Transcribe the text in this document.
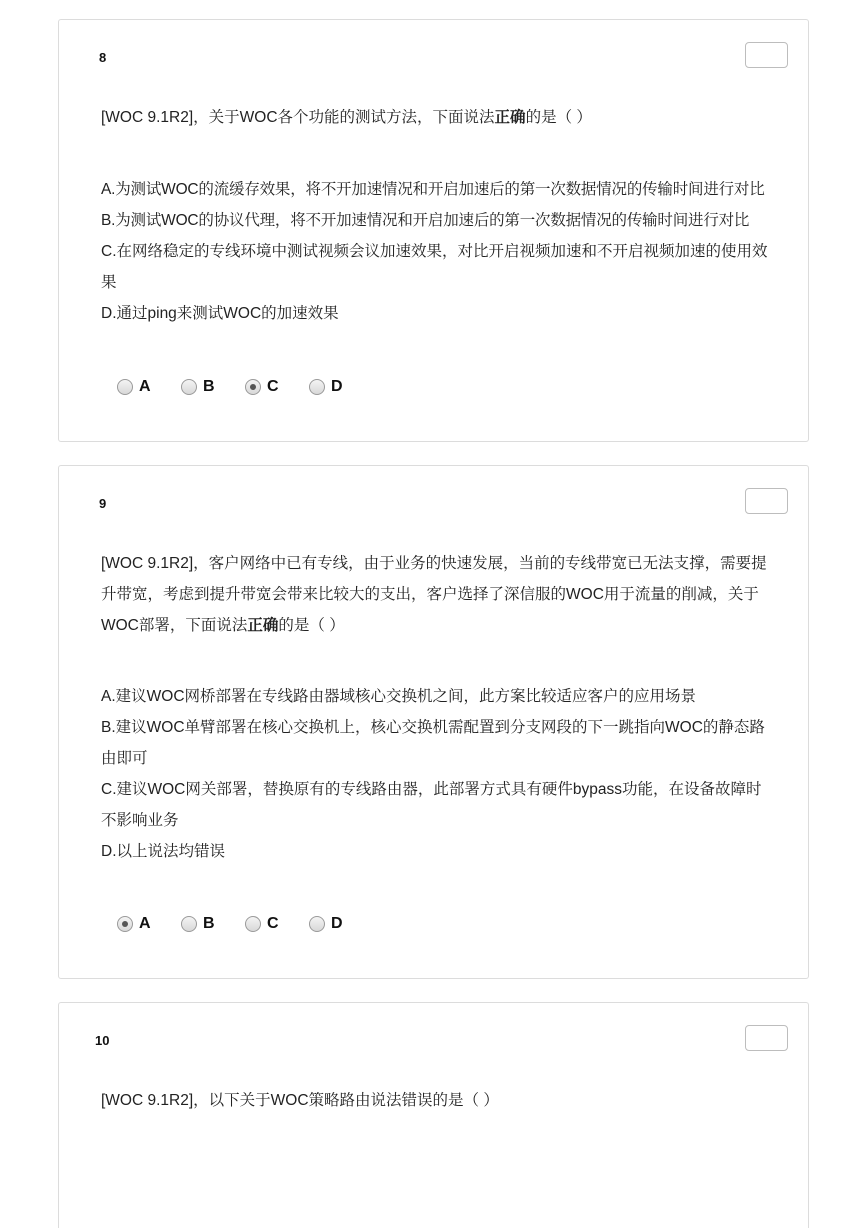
8
[WOC 9.1R2]，关于WOC各个功能的测试方法，下面说法正确的是（ ）
A.为测试WOC的流缓存效果，将不开加速情况和开启加速后的第一次数据情况的传输时间进行对比
B.为测试WOC的协议代理，将不开加速情况和开启加速后的第一次数据情况的传输时间进行对比
C.在网络稳定的专线环境中测试视频会议加速效果，对比开启视频加速和不开启视频加速的使用效果
D.通过ping来测试WOC的加速效果
A	B	C	D
9
[WOC 9.1R2]，客户网络中已有专线，由于业务的快速发展，当前的专线带宽已无法支撑，需要提升带宽，考虑到提升带宽会带来比较大的支出，客户选择了深信服的WOC用于流量的削减，关于WOC部署，下面说法正确的是（ ）
A.建议WOC网桥部署在专线路由器域核心交换机之间，此方案比较适应客户的应用场景
B.建议WOC单臂部署在核心交换机上，核心交换机需配置到分支网段的下一跳指向WOC的静态路由即可
C.建议WOC网关部署，替换原有的专线路由器，此部署方式具有硬件bypass功能，在设备故障时不影响业务
D.以上说法均错误
A	B	C	D
10
[WOC 9.1R2]，以下关于WOC策略路由说法错误的是（ ）
